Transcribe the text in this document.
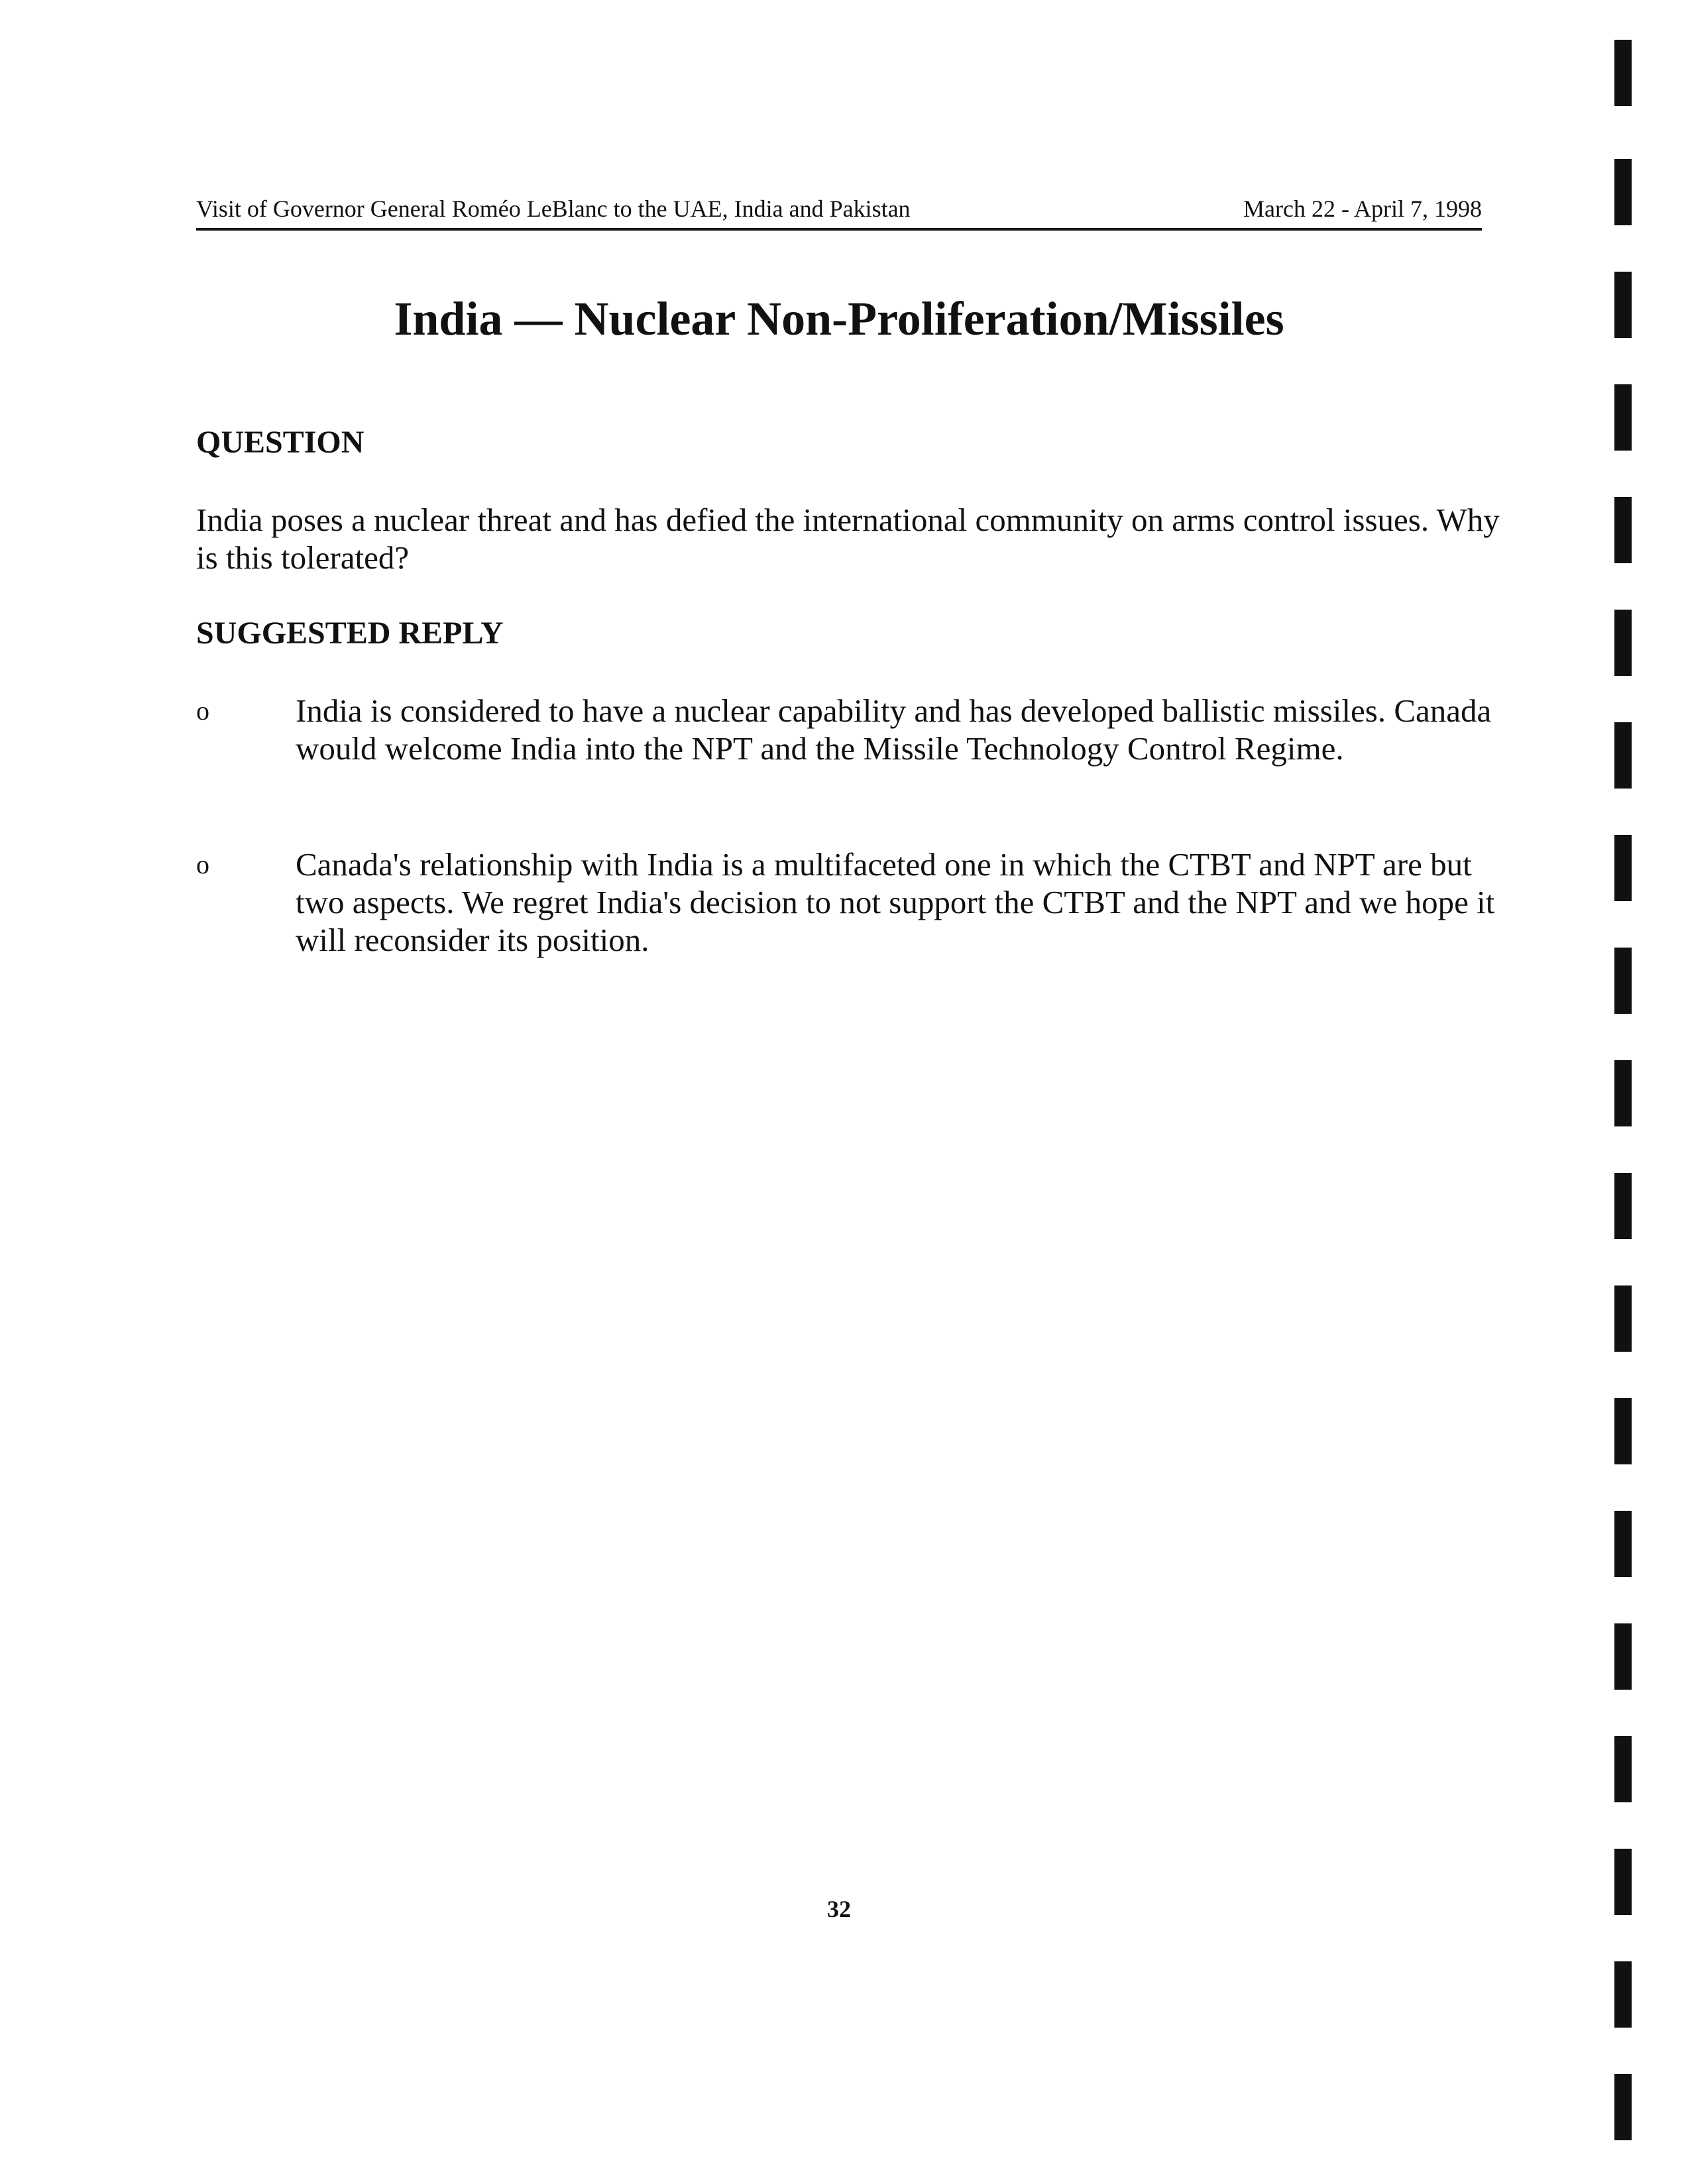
Visit of Governor General Roméo LeBlanc to the UAE, India and Pakistan	March 22 - April 7, 1998
India — Nuclear Non-Proliferation/Missiles
QUESTION
India poses a nuclear threat and has defied the international community on arms control issues. Why is this tolerated?
SUGGESTED REPLY
o	India is considered to have a nuclear capability and has developed ballistic missiles. Canada would welcome India into the NPT and the Missile Technology Control Regime.
o	Canada's relationship with India is a multifaceted one in which the CTBT and NPT are but two aspects. We regret India's decision to not support the CTBT and the NPT and we hope it will reconsider its position.
32
